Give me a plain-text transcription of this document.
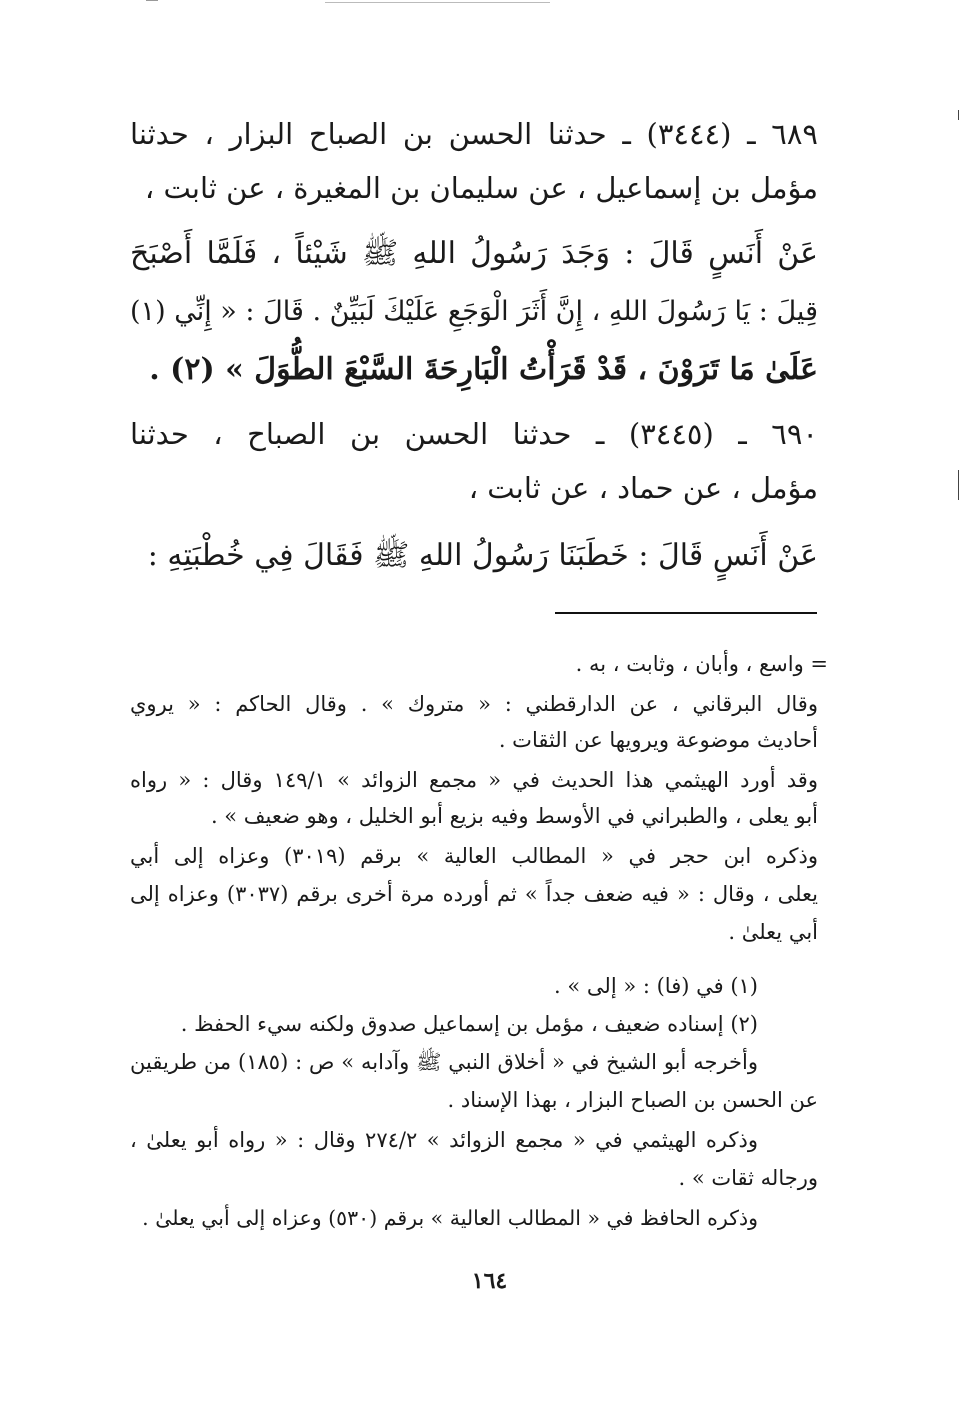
٦٨٩ ـ (٣٤٤٤) ـ حدثنا الحسن بن الصباح البزار ، حدثنا
مؤمل بن إسماعيل ، عن سليمان بن المغيرة ، عن ثابت ،
عَنْ أَنَسٍ قَالَ : وَجَدَ رَسُولُ اللهِ ﷺ شَيْئاً ، فَلَمَّا أَصْبَحَ
قِيلَ : يَا رَسُولَ اللهِ ، إِنَّ أَثَرَ الْوَجَعِ عَلَيْكَ لَبَيِّنٌ . قَالَ : « إِنِّي (١)
عَلَىٰ مَا تَرَوْنَ ، قَدْ قَرَأْتُ الْبَارِحَةَ السَّبْعَ الطُّوَلَ » (٢) .
٦٩٠ ـ (٣٤٤٥) ـ حدثنا الحسن بن الصباح ، حدثنا
مؤمل ، عن حماد ، عن ثابت ،
عَنْ أَنَسٍ قَالَ : خَطَبَنَا رَسُولُ اللهِ ﷺ فَقَالَ فِي خُطْبَتِهِ :
= واسع ، وأبان ، وثابت ، به .
وقال البرقاني ، عن الدارقطني : « متروك » . وقال الحاكم : « يروي
أحاديث موضوعة ويرويها عن الثقات .
وقد أورد الهيثمي هذا الحديث في « مجمع الزوائد » ١٤٩/١ وقال : « رواه
أبو يعلى ، والطبراني في الأوسط وفيه بزيع أبو الخليل ، وهو ضعيف » .
وذكره ابن حجر في « المطالب العالية » برقم (٣٠١٩) وعزاه إلى أبي
يعلى ، وقال : « فيه ضعف جداً » ثم أورده مرة أخرى برقم (٣٠٣٧) وعزاه إلى
أبي يعلىٰ .
(١) في (فا) : « إلى » .
(٢) إسناده ضعيف ، مؤمل بن إسماعيل صدوق ولكنه سيء الحفظ .
وأخرجه أبو الشيخ في « أخلاق النبي ﷺ وآدابه » ص : (١٨٥) من طريقين
عن الحسن بن الصباح البزار ، بهذا الإسناد .
وذكره الهيثمي في « مجمع الزوائد » ٢٧٤/٢ وقال : « رواه أبو يعلىٰ ،
ورجاله ثقات » .
وذكره الحافظ في « المطالب العالية » برقم (٥٣٠) وعزاه إلى أبي يعلىٰ .
١٦٤
